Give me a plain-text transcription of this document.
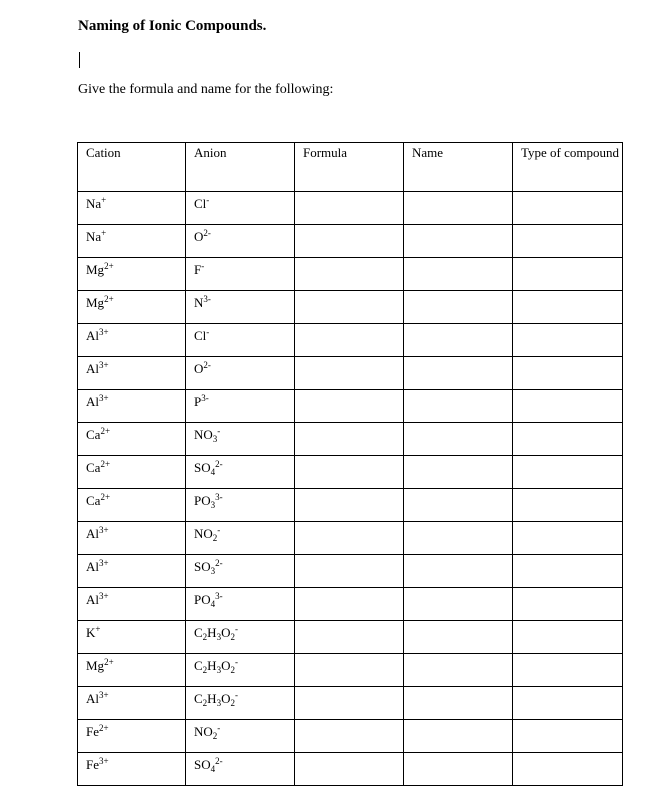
Naming of Ionic Compounds.
Give the formula and name for the following:
Cation	Anion	Formula	Name	Type of compound
Na+	Cl-			
Na+	$O^{2-}$			
$Mg^{2+}$	F-			
$Mg^{2+}$	$N^{3-}$			
$Al^{3+}$	Cl-			
$Al^{3+}$	$O^{2-}$			
$Al^{3+}$	$P^{3-}$			
$Ca^{2+}$	$NO_3^-$			
$Ca^{2+}$	$SO_4^{2-}$			
$Ca^{2+}$	$PO_3^{3-}$			
$Al^{3+}$	$NO_2^-$			
$Al^{3+}$	$SO_3^{2-}$			
$Al^{3+}$	$PO_4^{3-}$			
K+	$C_2H_3O_2^-$			
$Mg^{2+}$	$C_2H_3O_2^-$			
$Al^{3+}$	$C_2H_3O_2^-$			
$Fe^{2+}$	$NO_2^-$			
$Fe^{3+}$	$SO_4^{2-}$			
